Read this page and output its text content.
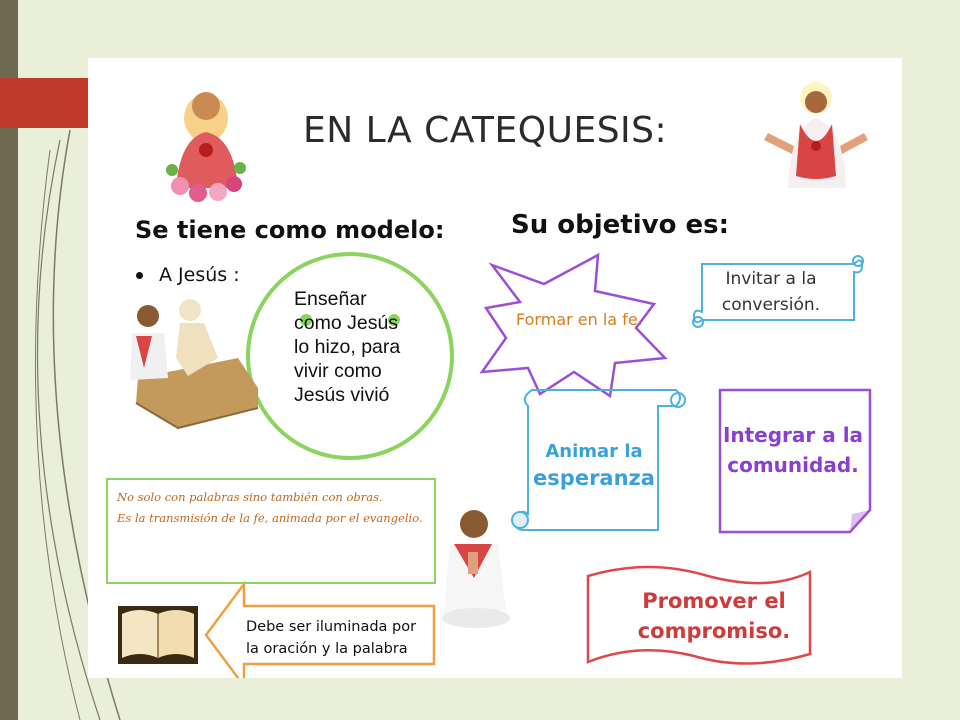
EN LA CATEQUESIS:
Se tiene como modelo:
A Jesús :
Enseñar
como Jesús
lo hizo, para
vivir como
Jesús vivió
No solo con palabras sino también con obras.
Es la transmisión de la fe, animada por el evangelio.
Debe ser iluminada por
la oración y la palabra
Su objetivo es:
Formar en la fe.
Invitar a la
conversión.
Animar la
esperanza
Integrar a la
comunidad.
Promover el
compromiso.
